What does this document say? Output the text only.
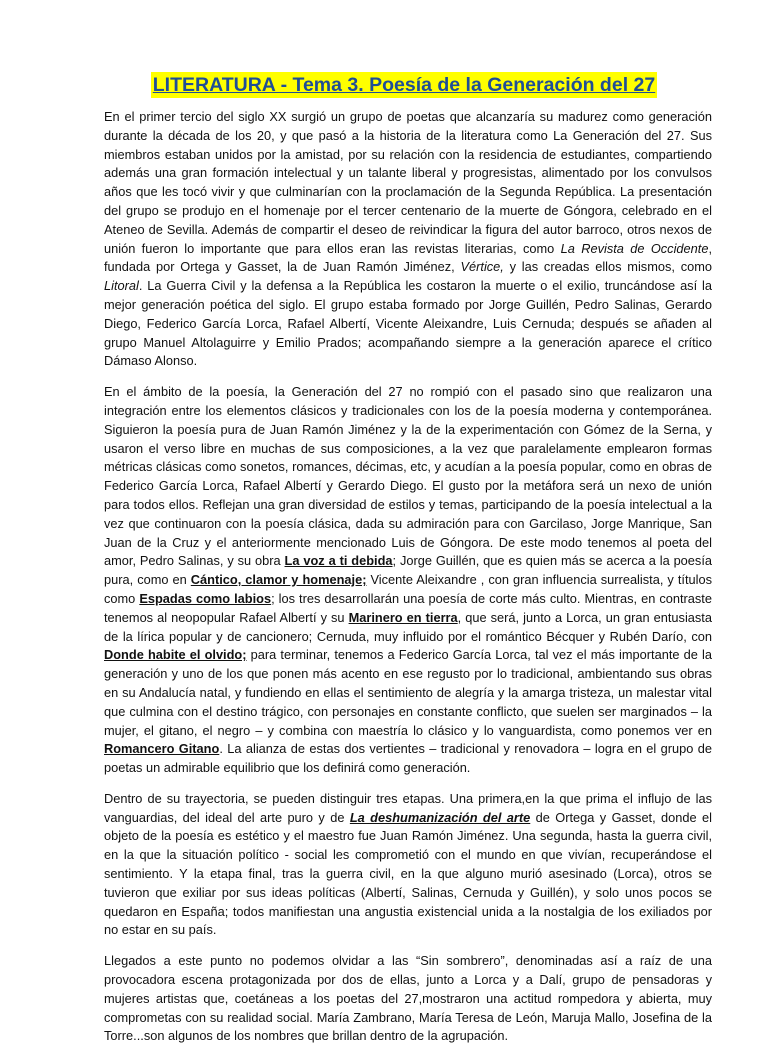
LITERATURA - Tema 3. Poesía de la Generación del 27

En el primer tercio del siglo XX surgió un grupo de poetas que alcanzaría su madurez como generación durante la década de los 20, y que pasó a la historia de la literatura como La Generación del 27. Sus miembros estaban unidos por la amistad, por su relación con la residencia de estudiantes, compartiendo además una gran formación intelectual y un talante liberal y progresistas, alimentado por los convulsos años que les tocó vivir y que culminarían con la proclamación de la Segunda República. La presentación del grupo se produjo en el homenaje por el tercer centenario de la muerte de Góngora, celebrado en el Ateneo de Sevilla. Además de compartir el deseo de reivindicar la figura del autor barroco, otros nexos de unión fueron lo importante que para ellos eran las revistas literarias, como La Revista de Occidente, fundada por Ortega y Gasset, la de Juan Ramón Jiménez, Vértice, y las creadas ellos mismos, como Litoral. La Guerra Civil y la defensa a la República les costaron la muerte o el exilio, truncándose así la mejor generación poética del siglo. El grupo estaba formado por Jorge Guillén, Pedro Salinas, Gerardo Diego, Federico García Lorca, Rafael Albertí, Vicente Aleixandre, Luis Cernuda; después se añaden al grupo Manuel Altolaguirre y Emilio Prados; acompañando siempre a la generación aparece el crítico Dámaso Alonso.

En el ámbito de la poesía, la Generación del 27 no rompió con el pasado sino que realizaron una integración entre los elementos clásicos y tradicionales con los de la poesía moderna y contemporánea. Siguieron la poesía pura de Juan Ramón Jiménez y la de la experimentación con Gómez de la Serna, y usaron el verso libre en muchas de sus composiciones, a la vez que paralelamente emplearon formas métricas clásicas como sonetos, romances, décimas, etc, y acudían a la poesía popular, como en obras de Federico García Lorca, Rafael Albertí y Gerardo Diego. El gusto por la metáfora será un nexo de unión para todos ellos. Reflejan una gran diversidad de estilos y temas, participando de la poesía intelectual a la vez que continuaron con la poesía clásica, dada su admiración para con Garcilaso, Jorge Manrique, San Juan de la Cruz y el anteriormente mencionado Luis de Góngora. De este modo tenemos al poeta del amor, Pedro Salinas, y su obra La voz a ti debida; Jorge Guillén, que es quien más se acerca a la poesía pura, como en Cántico, clamor y homenaje; Vicente Aleixandre , con gran influencia surrealista, y títulos como Espadas como labios; los tres desarrollarán una poesía de corte más culto. Mientras, en contraste tenemos al neopopular Rafael Albertí y su Marinero en tierra, que será, junto a Lorca, un gran entusiasta de la lírica popular y de cancionero; Cernuda, muy influido por el romántico Bécquer y Rubén Darío, con Donde habite el olvido; para terminar, tenemos a Federico García Lorca, tal vez el más importante de la generación y uno de los que ponen más acento en ese regusto por lo tradicional, ambientando sus obras en su Andalucía natal, y fundiendo en ellas el sentimiento de alegría y la amarga tristeza, un malestar vital que culmina con el destino trágico, con personajes en constante conflicto, que suelen ser marginados – la mujer, el gitano, el negro – y combina con maestría lo clásico y lo vanguardista, como ponemos ver en Romancero Gitano. La alianza de estas dos vertientes – tradicional y renovadora – logra en el grupo de poetas un admirable equilibrio que los definirá como generación.

Dentro de su trayectoria, se pueden distinguir tres etapas. Una primera,en la que prima el influjo de las vanguardias, del ideal del arte puro y de La deshumanización del arte de Ortega y Gasset, donde el objeto de la poesía es estético y el maestro fue Juan Ramón Jiménez. Una segunda, hasta la guerra civil, en la que la situación político - social les comprometió con el mundo en que vivían, recuperándose el sentimiento. Y la etapa final, tras la guerra civil, en la que alguno murió asesinado (Lorca), otros se tuvieron que exiliar por sus ideas políticas (Albertí, Salinas, Cernuda y Guillén), y solo unos pocos se quedaron en España; todos manifiestan una angustia existencial unida a la nostalgia de los exiliados por no estar en su país.

Llegados a este punto no podemos olvidar a las “Sin sombrero”, denominadas así a raíz de una provocadora escena protagonizada por dos de ellas, junto a Lorca y a Dalí, grupo de pensadoras y mujeres artistas que, coetáneas a los poetas del 27,mostraron una actitud rompedora y abierta, muy comprometas con su realidad social. María Zambrano, María Teresa de León, Maruja Mallo, Josefina de la Torre...son algunos de los nombres que brillan dentro de la agrupación.
